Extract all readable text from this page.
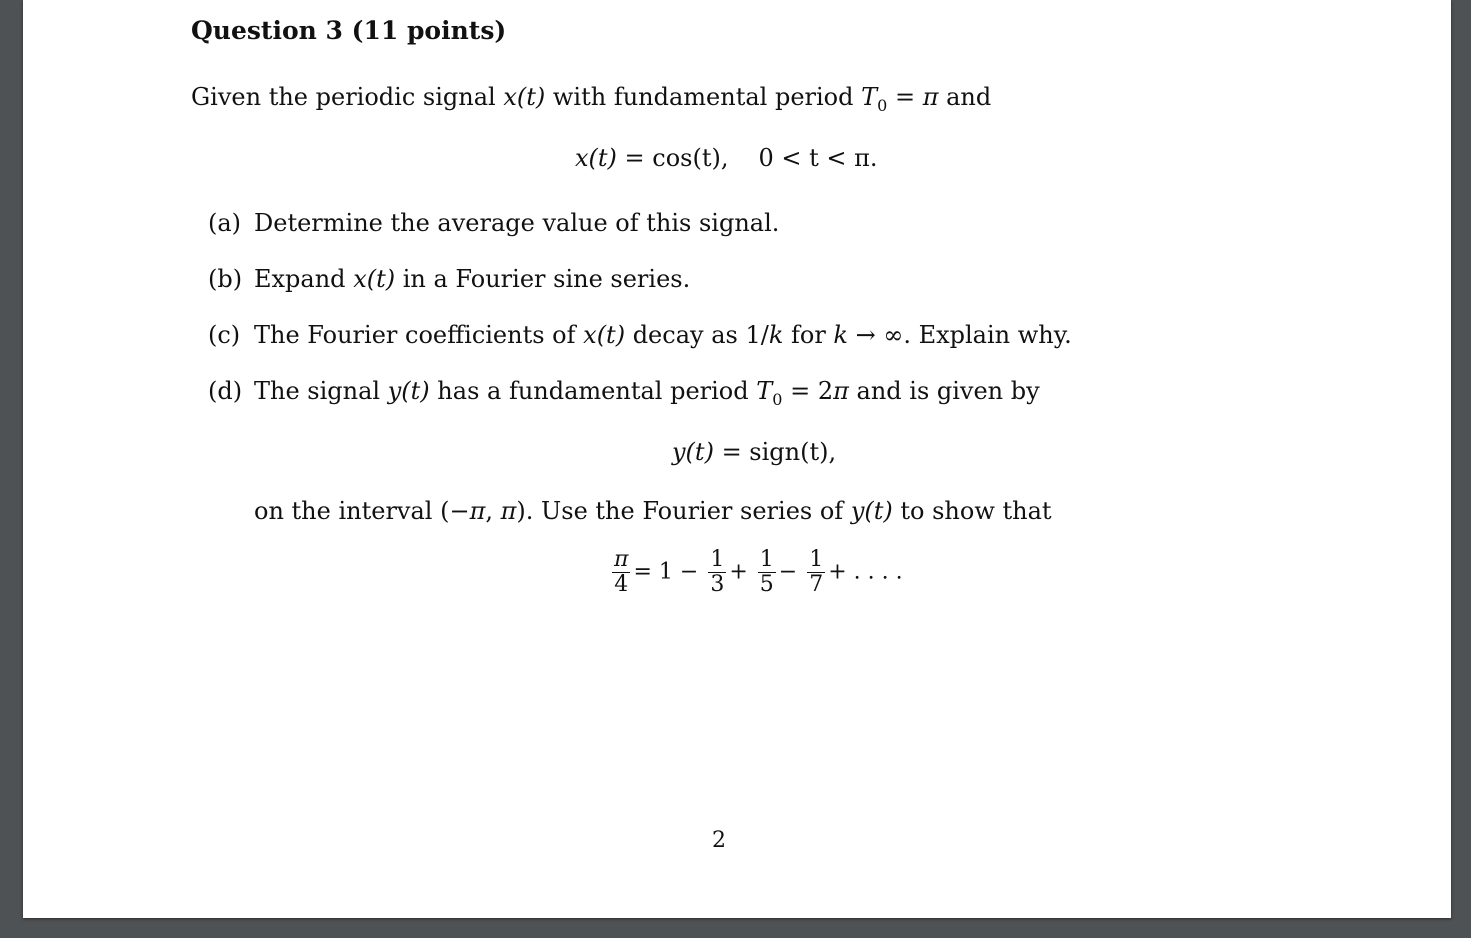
Question 3 (11 points)
Given the periodic signal x(t) with fundamental period $T_0 = \pi$ and
x(t) = cos(t), 0 < t < π.
(a) Determine the average value of this signal.
(b) Expand x(t) in a Fourier sine series.
(c) The Fourier coefficients of x(t) decay as 1/k for k → ∞. Explain why.
(d) The signal y(t) has a fundamental period $T_0 = 2\pi$ and is given by
y(t) = sign(t),
on the interval (−π, π). Use the Fourier series of y(t) to show that
$\frac{\pi}{4} = 1 - \frac{1}{3} + \frac{1}{5} - \frac{1}{7}$ + . . . .
2
